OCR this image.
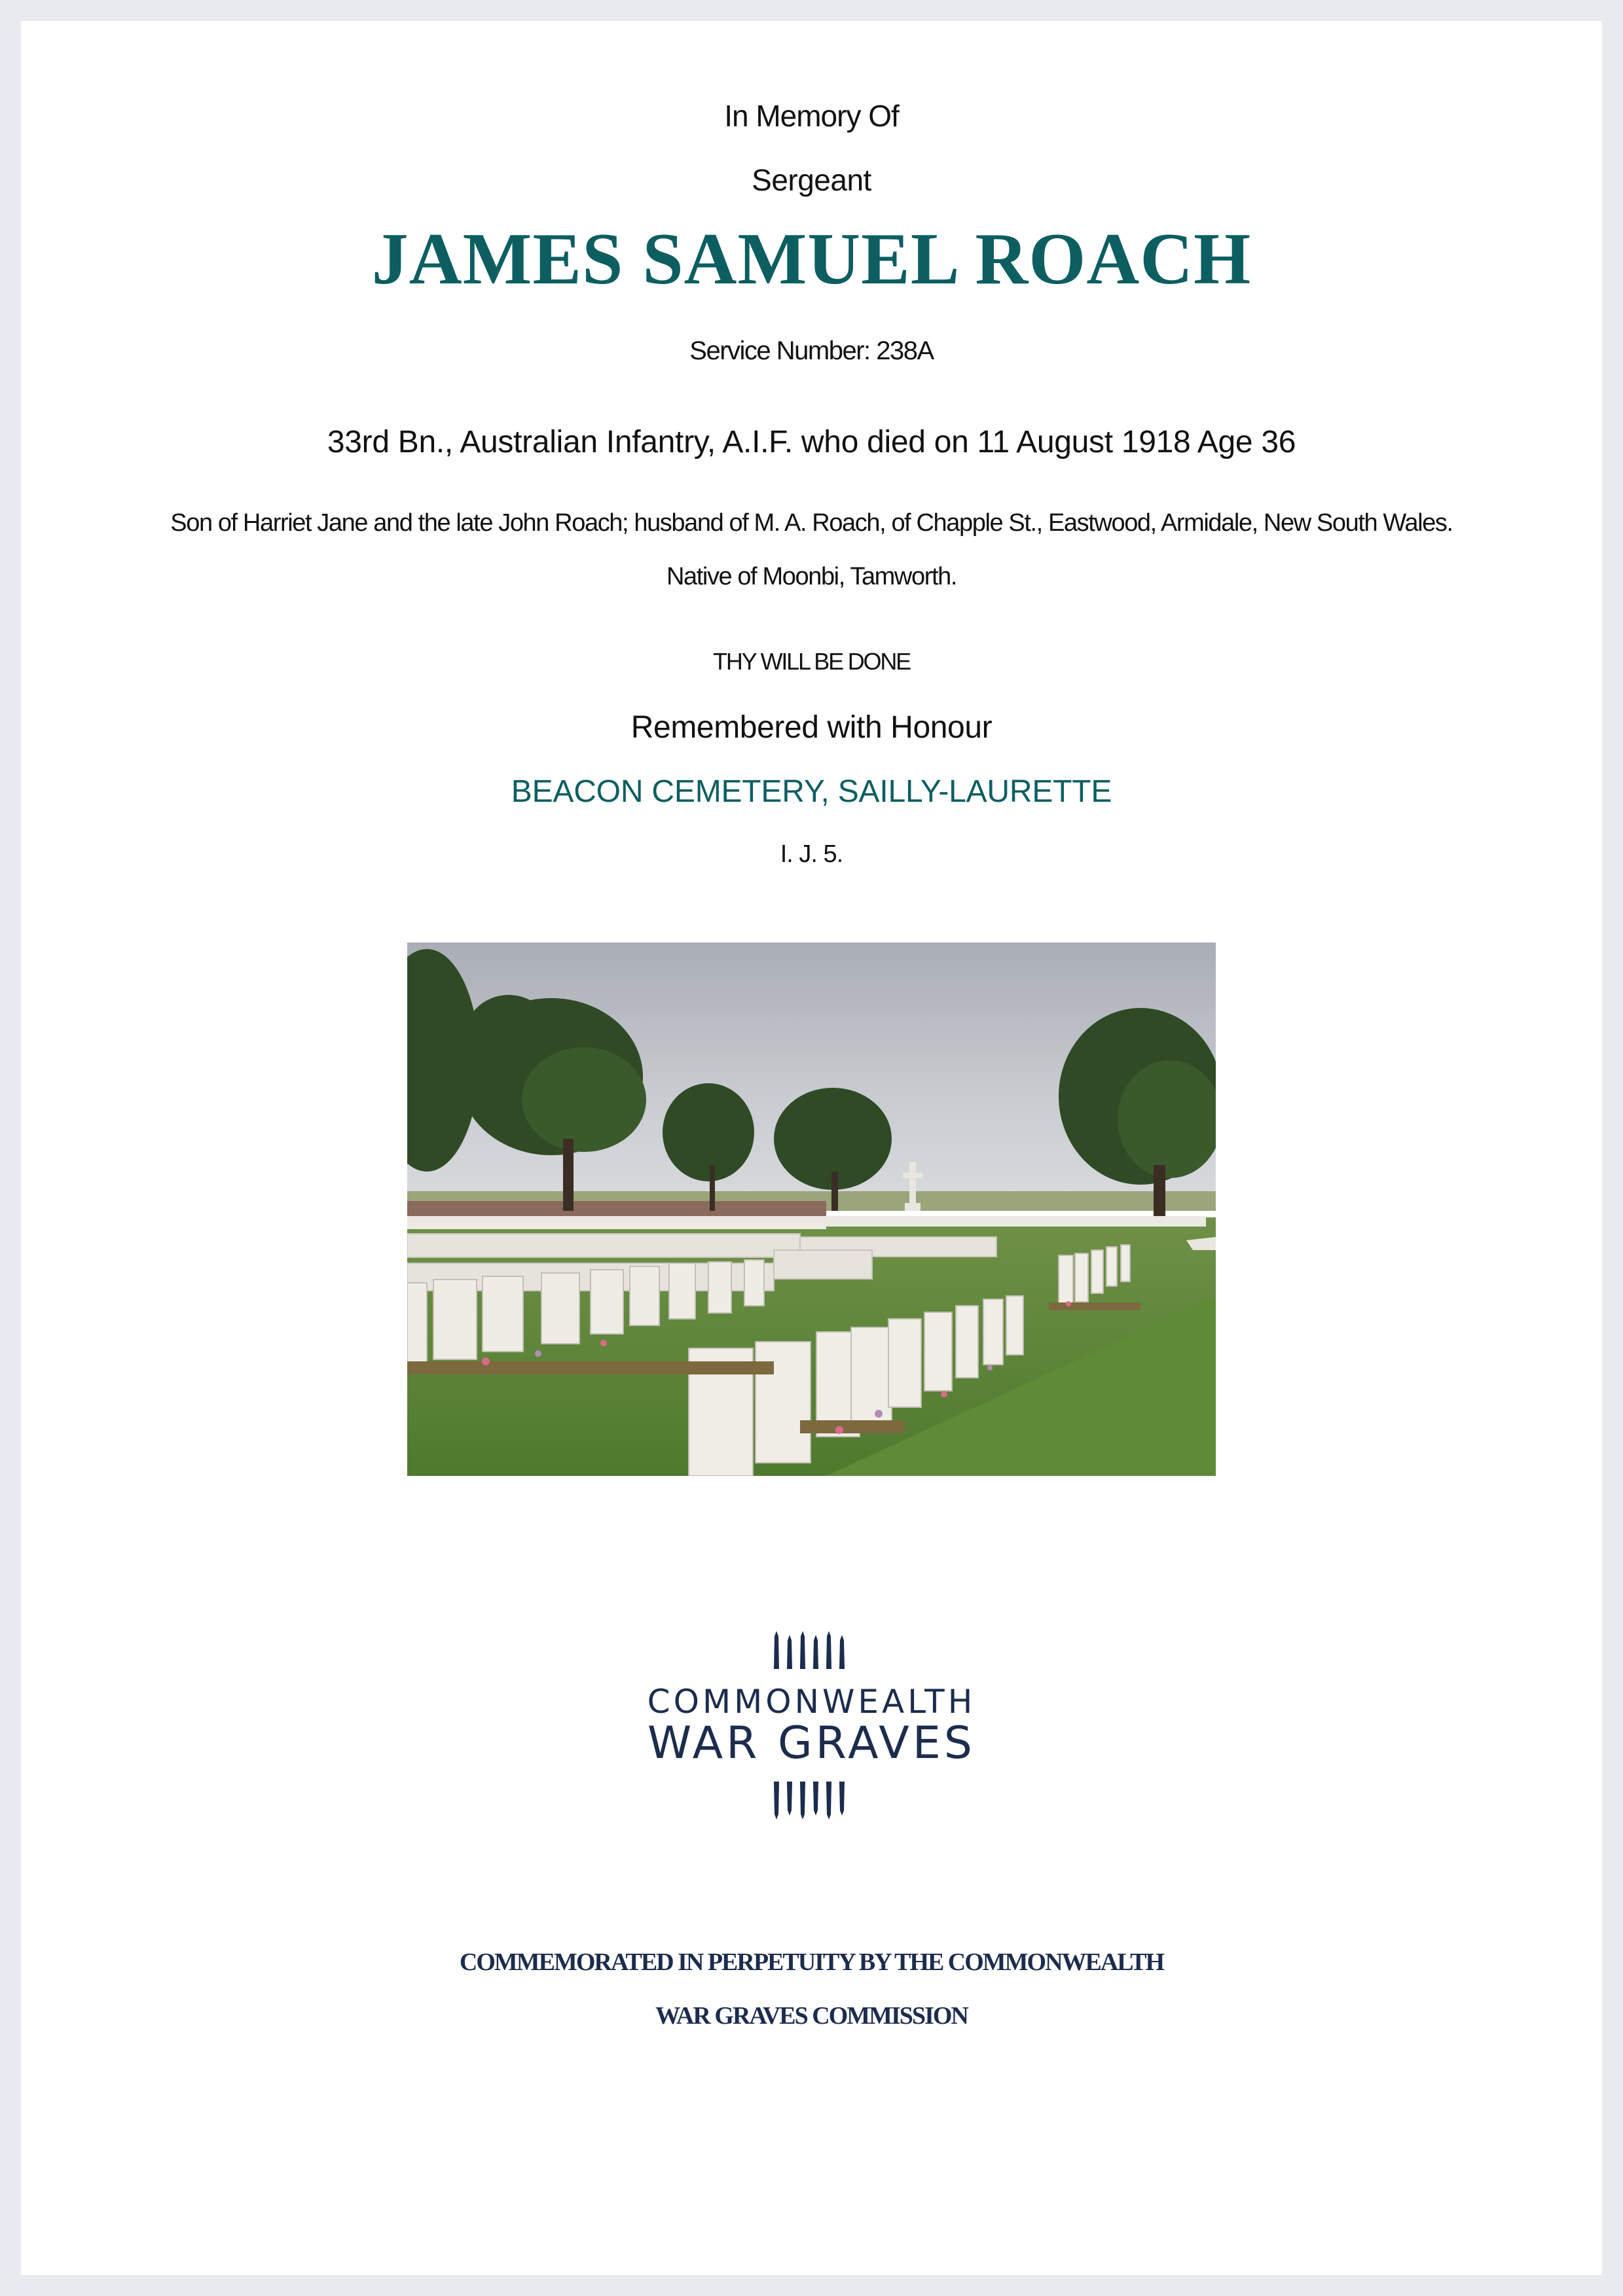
In Memory Of

Sergeant

JAMES SAMUEL ROACH

Service Number: 238A

33rd Bn., Australian Infantry, A.I.F. who died on 11 August 1918 Age 36

Son of Harriet Jane and the late John Roach; husband of M. A. Roach, of Chapple St., Eastwood, Armidale, New South Wales.

Native of Moonbi, Tamworth.

THY WILL BE DONE

Remembered with Honour

BEACON CEMETERY, SAILLY-LAURETTE

I. J. 5.

COMMONWEALTH
WAR GRAVES

COMMEMORATED IN PERPETUITY BY THE COMMONWEALTH

WAR GRAVES COMMISSION
